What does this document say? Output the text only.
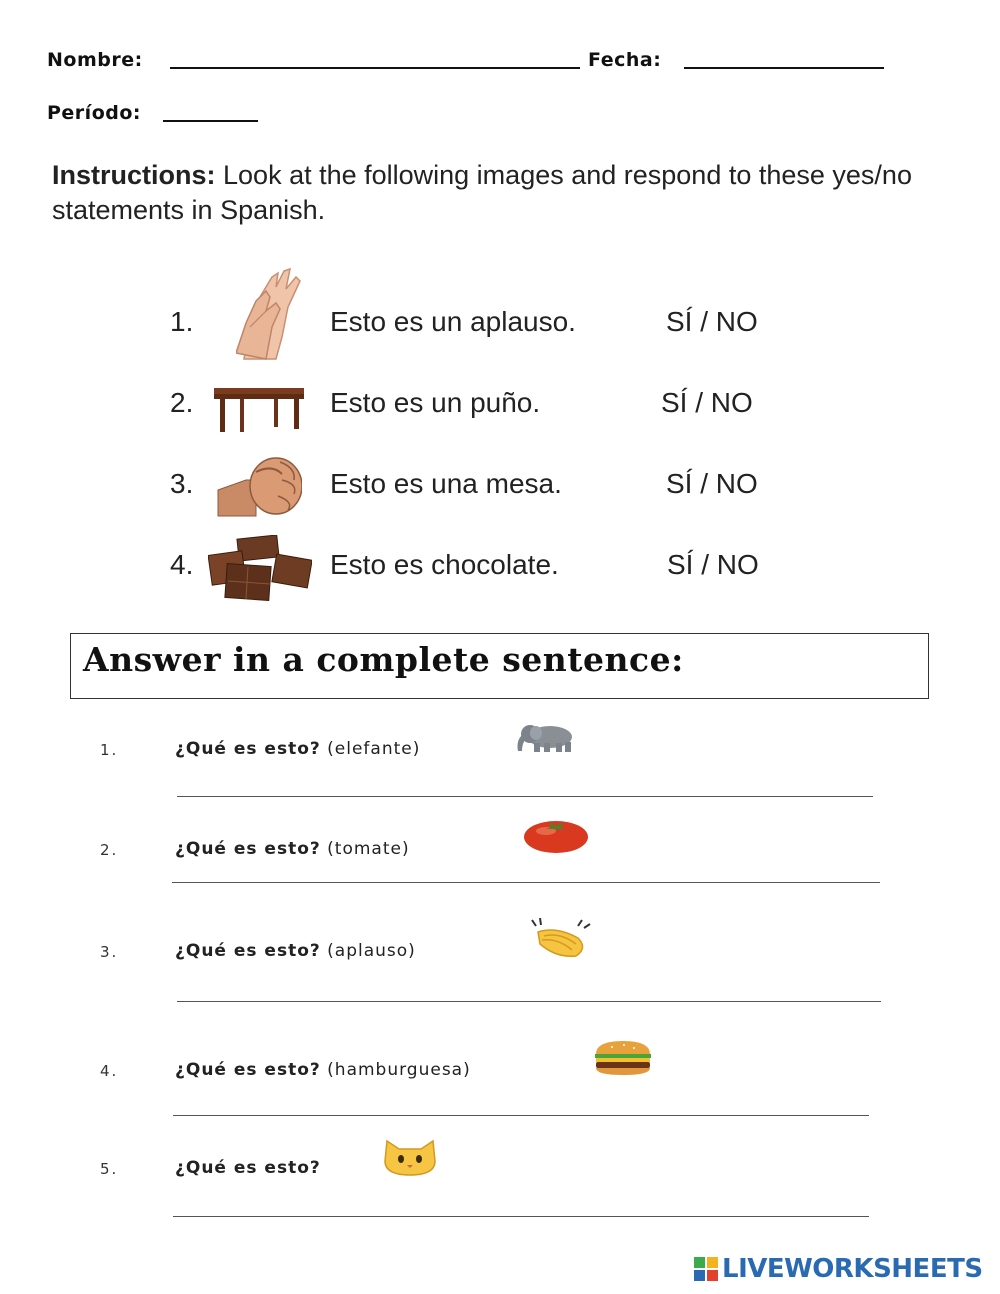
Nombre:	Fecha:
Período:
Instructions: Look at the following images and respond to these yes/no statements in Spanish.
1.	Esto es un aplauso.	SÍ / NO
2.	Esto es un puño.	SÍ / NO
3.	Esto es una mesa.	SÍ / NO
4.	Esto es chocolate.	SÍ / NO
Answer in a complete sentence:
1.	¿Qué es esto? (elefante)
2.	¿Qué es esto? (tomate)
3.	¿Qué es esto? (aplauso)
4.	¿Qué es esto? (hamburguesa)
5.	¿Qué es esto?
LIVEWORKSHEETS
